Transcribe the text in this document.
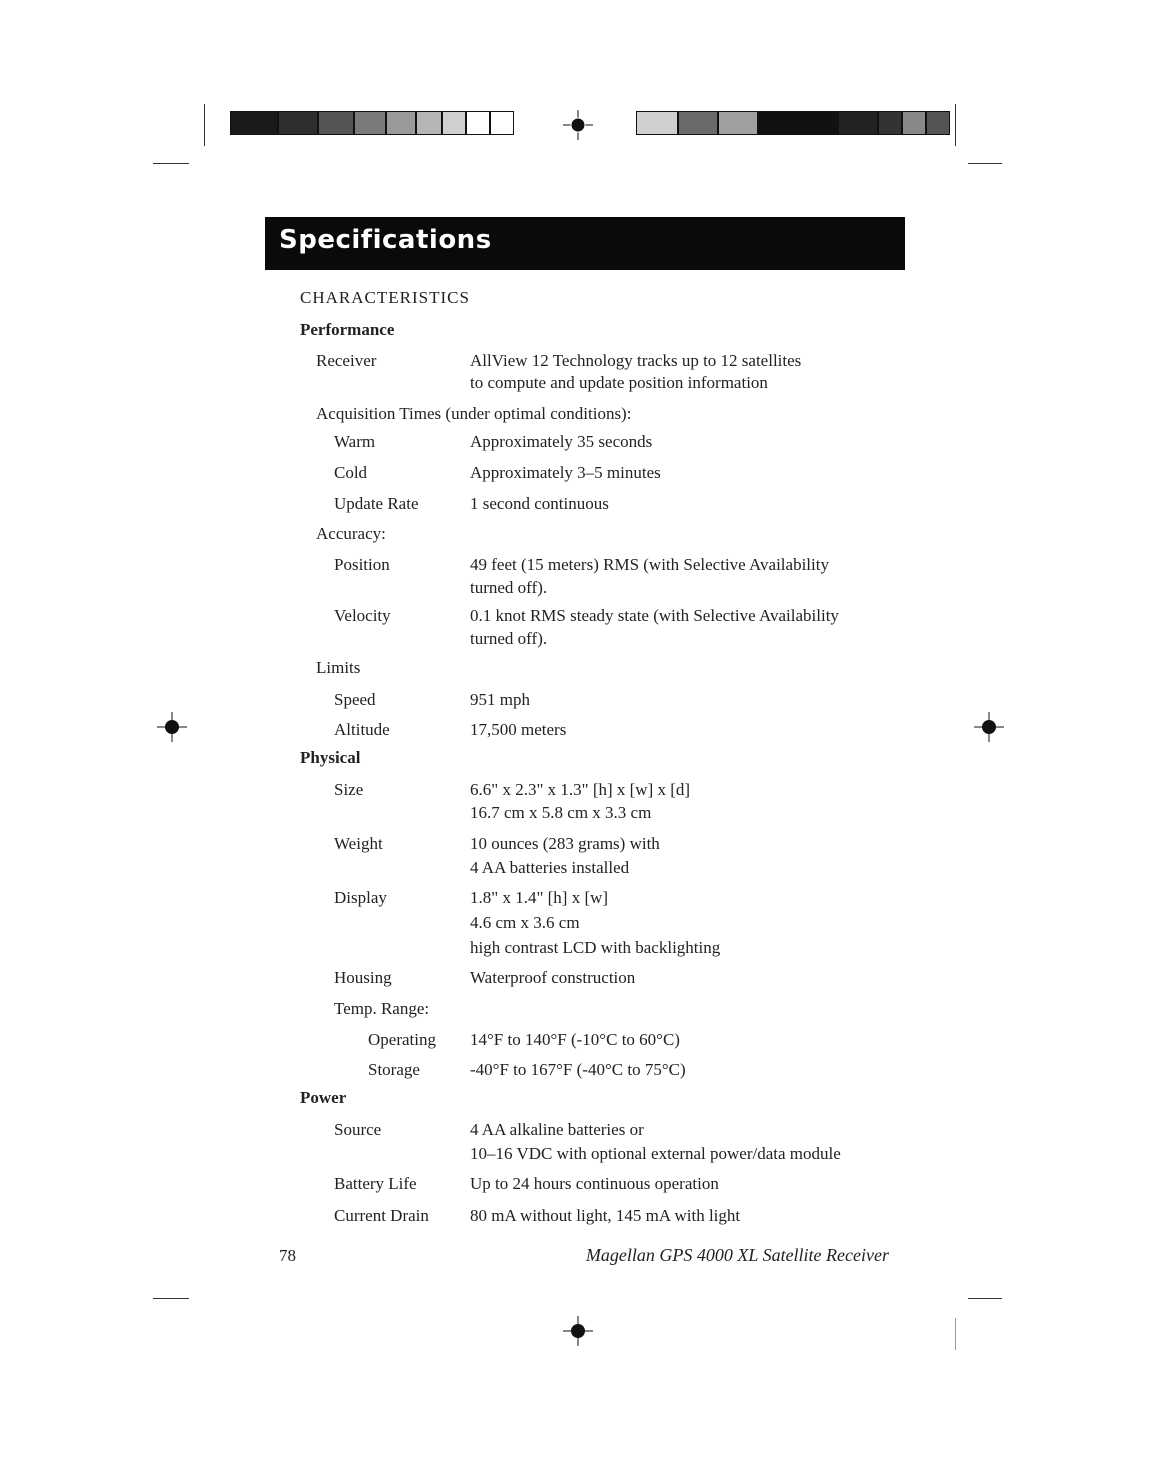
Specifications
CHARACTERISTICS
Performance
Receiver	AllView 12 Technology tracks up to 12 satellites
to compute and update position information
Acquisition Times (under optimal conditions):
Warm	Approximately 35 seconds
Cold	Approximately 3–5 minutes
Update Rate	1 second continuous
Accuracy:
Position	49 feet (15 meters) RMS (with Selective Availability
turned off).
Velocity	0.1 knot RMS steady state (with Selective Availability
turned off).
Limits
Speed	951 mph
Altitude	17,500 meters
Physical
Size	6.6" x 2.3" x 1.3" [h] x [w] x [d]
16.7 cm x 5.8 cm x 3.3 cm
Weight	10 ounces (283 grams) with
4 AA batteries installed
Display	1.8" x 1.4" [h] x [w]
4.6 cm x 3.6 cm
high contrast LCD with backlighting
Housing	Waterproof construction
Temp. Range:
Operating 14°F to 140°F (-10°C to 60°C)
Storage	-40°F to 167°F (-40°C to 75°C)
Power
Source	4 AA alkaline batteries or
10–16 VDC with optional external power/data module
Battery Life	Up to 24 hours continuous operation
Current Drain 80 mA without light, 145 mA with light
78	Magellan GPS 4000 XL Satellite Receiver
